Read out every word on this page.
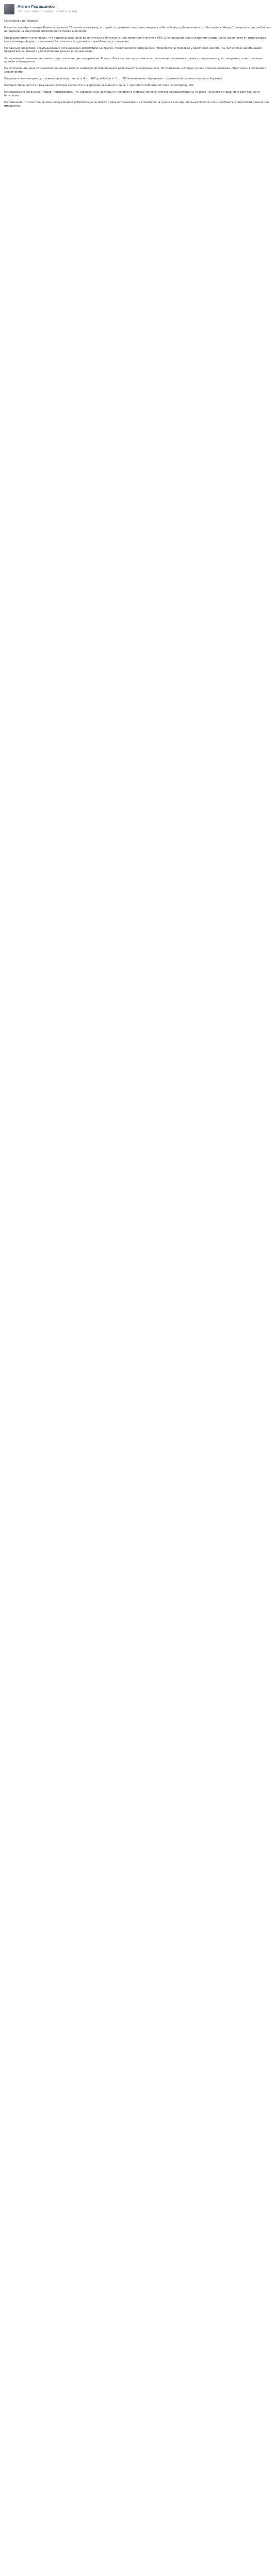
Антон Геращенко
Запись Главно с мира · 2 часа назад

Самозванец из "Айдара"

В начале декабря полиция Киева задержала 35-летнего мужчину, который, по данным следствия, выдавая себя за бойца добровольческого батальона "Айдар", совершил ряд разбойных нападений на водителей автомобилей в Киеве и области.

Правоохранители установили, что задержанный никогда не служил в батальоне и не принимал участия в АТО. Для придания своим действиям видимости законности он использовал камуфляжную форму с шевронами батальона и поддельное служебное удостоверение.

По данным следствия, злоумышленник останавливал автомобили на трассе, представлялся сотрудником "блокпоста" и требовал у водителей документы. Затем под надуманными предлогами он изымал у потерпевших деньги и ценные вещи.

Задержанный оказывал активное сопротивление при задержании. В ходе обыска по месту его жительства изъяты форменная одежда, поддельные удостоверения, огнестрельное оружие и боеприпасы.

На сегодняшний день установлено не менее девяти эпизодов противоправной деятельности задержанного. Потерпевшие, которые узнали злоумышленника, обратились в полицию с заявлениями.

Следователями открыто уголовное производство по ч. 4 ст. 187 (разбой) и ч. 1 ст. 263 (незаконное обращение с оружием) Уголовного кодекса Украины.

Полиция обращается к гражданам, которые могли стать жертвами указанного лица, с просьбой сообщить об этом по телефону 102.

Командование батальона "Айдар" подтвердило, что задержанный никогда не числился в списках личного состава подразделения и не имел никакого отношения к деятельности батальона.

Напоминаем, что настоящие военнослужащие и добровольцы не имеют права останавливать автомобили на трассах вне официальных блокпостов и требовать у водителей деньги или имущество.
